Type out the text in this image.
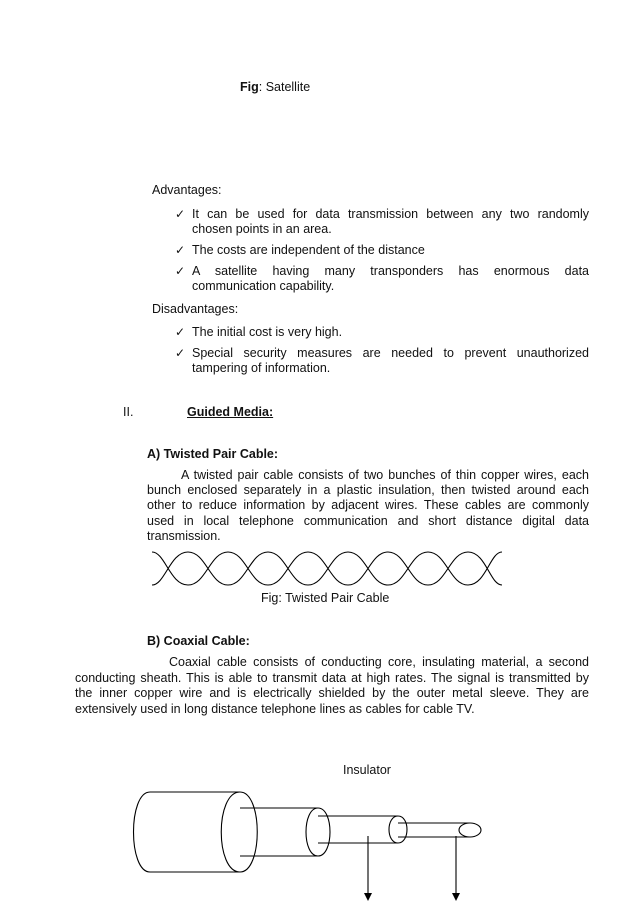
Fig: Satellite
Advantages:
✓ It can be used for data transmission between any two randomly
chosen points in an area.
✓ The costs are independent of the distance
✓ A satellite having many transponders has enormous data
communication capability.
Disadvantages:
✓ The initial cost is very high.
✓ Special security measures are needed to prevent unauthorized
tampering of information.
II.	Guided Media:
A) Twisted Pair Cable:
A twisted pair cable consists of two bunches of thin copper wires, each
bunch enclosed separately in a plastic insulation, then twisted around each
other to reduce information by adjacent wires. These cables are commonly
used in local telephone communication and short distance digital data
transmission.
Fig: Twisted Pair Cable
B) Coaxial Cable:
Coaxial cable consists of conducting core, insulating material, a second
conducting sheath. This is able to transmit data at high rates. The signal is transmitted by
the inner copper wire and is electrically shielded by the outer metal sleeve. They are
extensively used in long distance telephone lines as cables for cable TV.
Insulator
